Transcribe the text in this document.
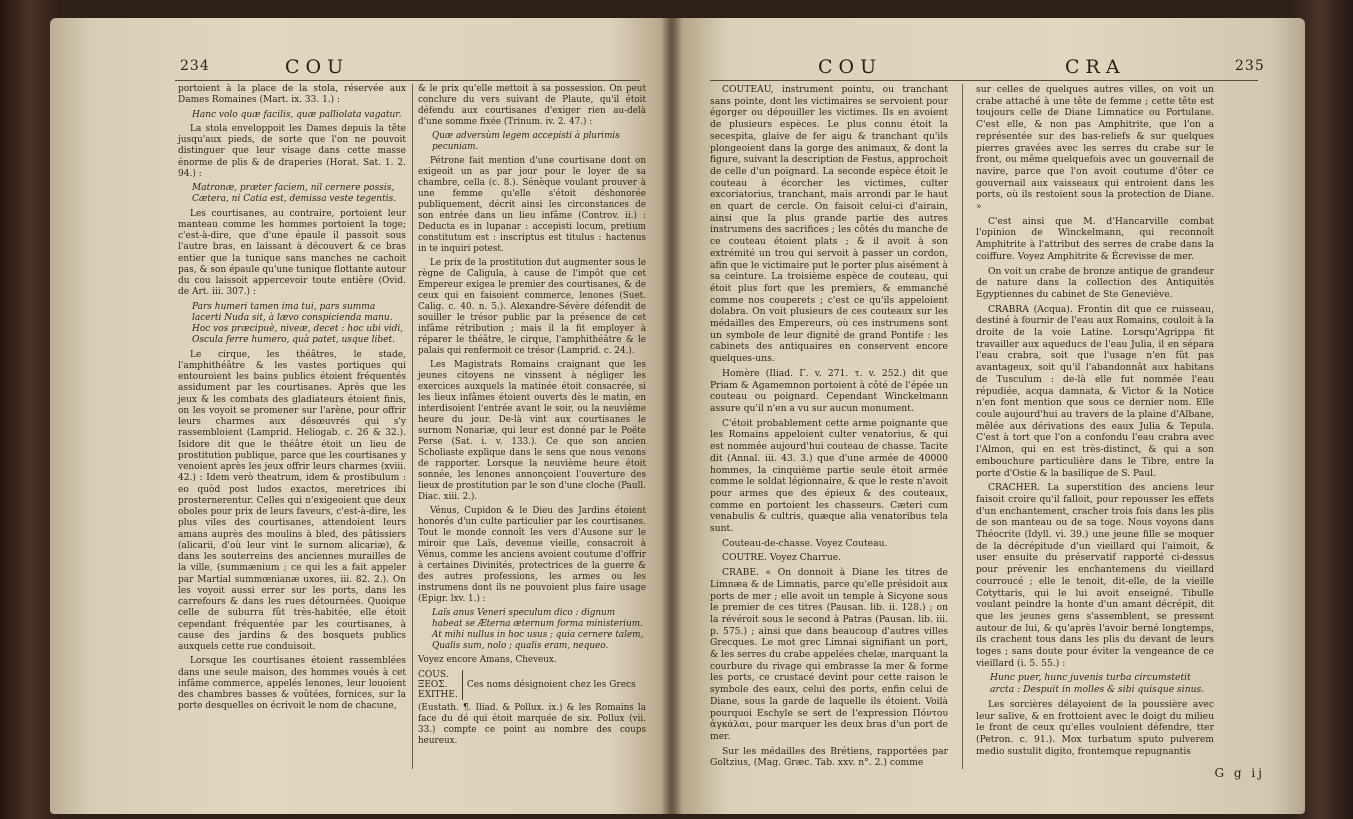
234	COU

portoient à la place de la stola, réservée aux Dames Romaines (Mart. ix. 33. 1.) :

Hanc volo quæ facilis, quæ palliolata vagatur.

La stola enveloppoit les Dames depuis la tête jusqu'aux pieds, de sorte que l'on ne pouvoit distinguer que leur visage dans cette masse énorme de plis & de draperies (Horat. Sat. 1. 2. 94.) :

Matronæ, præter faciem, nil cernere possis, Cætera, ni Catia est, demissa veste tegentis.

Les courtisanes, au contraire, portoient leur manteau comme les hommes portoient la toge; c'est-à-dire, que d'une épaule il passoit sous l'autre bras, en laissant à découvert & ce bras entier que la tunique sans manches ne cachoit pas, & son épaule qu'une tunique flottante autour du cou laissoit appercevoir toute entière (Ovid. de Art. iii. 307.) :

Pars humeri tamen ima tui, pars summa lacerti Nuda sit, à lævo conspicienda manu. Hoc vos præcipuè, niveæ, decet : hoc ubi vidi, Oscula ferre humero, quà patet, usque libet.

Le cirque, les théâtres, le stade, l'amphithéâtre & les vastes portiques qui entouroient les bains publics étoient fréquentés assidument par les courtisanes. Après que les jeux & les combats des gladiateurs étoient finis, on les voyoit se promener sur l'arène, pour offrir leurs charmes aux désœuvrés qui s'y rassembloient (Lamprid. Heliogab. c. 26 & 32.). Isidore dit que le théâtre étoit un lieu de prostitution publique, parce que les courtisanes y venoient après les jeux offrir leurs charmes (xviii. 42.) : Idem verò theatrum, idem & prostibulum : eo quòd post ludos exactos, meretrices ibi prosternerentur. Celles qui n'exigeoient que deux oboles pour prix de leurs faveurs, c'est-à-dire, les plus viles des courtisanes, attendoient leurs amans auprès des moulins à bled, des pâtissiers (alicarii, d'où leur vint le surnom alicariæ), & dans les souterreins des anciennes murailles de la ville, (summænium ; ce qui les a fait appeler par Martial summœnianæ uxores, iii. 82. 2.). On les voyoit aussi errer sur les ports, dans les carrefours & dans les rues détournées. Quoique celle de suburra fût très-habitée, elle étoit cependant fréquentée par les courtisanes, à cause des jardins & des bosquets publics auxquels cette rue conduisoit.

Lorsque les courtisanes étoient rassemblées dans une seule maison, des hommes voués à cet infâme commerce, appelés lenones, leur louoient des chambres basses & voûtées, fornices, sur la porte desquelles on écrivoit le nom de chacune,

& le prix qu'elle mettoit à sa possession. On peut conclure du vers suivant de Plaute, qu'il étoit défendu aux courtisanes d'exiger rien au-delà d'une somme fixée (Trinum. iv. 2. 47.) :

Quæ adversùm legem accepisti à plurimis pecuniam.

Pétrone fait mention d'une courtisane dont on exigeoit un as par jour pour le loyer de sa chambre, cella (c. 8.). Sénèque voulant prouver à une femme qu'elle s'étoit déshonorée publiquement, décrit ainsi les circonstances de son entrée dans un lieu infâme (Controv. ii.) : Deducta es in lupanar : accepisti locum, pretium constitutum est : inscriptus est titulus : hactenus in te inquiri potest.

Le prix de la prostitution dut augmenter sous le règne de Caligula, à cause de l'impôt que cet Empereur exigea le premier des courtisanes, & de ceux qui en faisoient commerce, lenones (Suet. Calig. c. 40. n. 5.). Alexandre-Sévère défendit de souiller le trésor public par la présence de cet infâme rétribution ; mais il la fit employer à réparer le théâtre, le cirque, l'amphithéâtre & le palais qui renfermoit ce trésor (Lamprid. c. 24.).

Les Magistrats Romains craignant que les jeunes citoyens ne vinssent à négliger les exercices auxquels la matinée étoit consacrée, si les lieux infâmes étoient ouverts dès le matin, en interdisoient l'entrée avant le soir, ou la neuvième heure du jour. De-là vint aux courtisanes le surnom Nonariæ, qui leur est donné par le Poëte Perse (Sat. i. v. 133.). Ce que son ancien Scholiaste explique dans le sens que nous venons de rapporter. Lorsque la neuvième heure étoit sonnée, les lenones annonçoient l'ouverture des lieux de prostitution par le son d'une cloche (Paull. Diac. xiii. 2.).

Vénus, Cupidon & le Dieu des Jardins étoient honorés d'un culte particulier par les courtisanes. Tout le monde connoît les vers d'Ausone sur le miroir que Laïs, devenue vieille, consacroit à Vénus, comme les anciens avoient coutume d'offrir à certaines Divinités, protectrices de la guerre & des autres professions, les armes ou les instrumens dont ils ne pouvoient plus faire usage (Epigr. lxv. 1.) :

Laïs anus Veneri speculum dico : dignum habeat se Æterna æternum forma ministerium. At mihi nullus in hoc usus ; quia cernere talem, Qualis sum, nolo ; qualis eram, nequeo.

Voyez encore Amans, Cheveux.

COUS.
ΞΕΟΣ.
ΕΧΙΤΗΕ.
Ces noms désignoient chez les Grecs

(Eustath. ¶. Iliad. & Pollux. ix.) & les Romains la face du dé qui étoit marquée de six. Pollux (vii. 33.) compte ce point au nombre des coups heureux.

COU	CRA	235

COUTEAU, instrument pointu, ou tranchant sans pointe, dont les victimaires se servoient pour égorger ou dépouiller les victimes. Ils en avoient de plusieurs espèces. Le plus connu étoit la secespita, glaive de fer aigu & tranchant qu'ils plongeoient dans la gorge des animaux, & dont la figure, suivant la description de Festus, approchoit de celle d'un poignard. La seconde espèce étoit le couteau à écorcher les victimes, culter excoriatorius, tranchant, mais arrondi par le haut en quart de cercle. On faisoit celui-ci d'airain, ainsi que la plus grande partie des autres instrumens des sacrifices ; les côtés du manche de ce couteau étoient plats ; & il avoit à son extrémité un trou qui servoit à passer un cordon, afin que le victimaire put le porter plus aisément à sa ceinture. La troisième espèce de couteau, qui étoit plus fort que les premiers, & emmanché comme nos couperets ; c'est ce qu'ils appeloient dolabra. On voit plusieurs de ces couteaux sur les médailles des Empereurs, où ces instrumens sont un symbole de leur dignité de grand Pontife : les cabinets des antiquaires en conservent encore quelques-uns.

Homère (Iliad. Γ. v. 271. τ. v. 252.) dit que Priam & Agamemnon portoient à côté de l'épée un couteau ou poignard. Cependant Winckelmann assure qu'il n'en a vu sur aucun monument.

C'étoit probablement cette arme poignante que les Romains appeloient culter venatorius, & qui est nommée aujourd'hui couteau de chasse. Tacite dit (Annal. iii. 43. 3.) que d'une armée de 40000 hommes, la cinquième partie seule étoit armée comme le soldat légionnaire, & que le reste n'avoit pour armes que des épieux & des couteaux, comme en portoient les chasseurs. Cæteri cum venabulis & cultris, quæque alia venatoribus tela sunt.

Couteau-de-chasse. Voyez Couteau.

COUTRE. Voyez Charrue.

CRABE. « On donnoit à Diane les titres de Limnæa & de Limnatis, parce qu'elle présidoit aux ports de mer ; elle avoit un temple à Sicyone sous le premier de ces titres (Pausan. lib. ii. 128.) ; on la révéroit sous le second à Patras (Pausan. lib. iii. p. 575.) ; ainsi que dans beaucoup d'autres villes Grecques. Le mot grec Limnai signifiant un port, & les serres du crabe appelées chelæ, marquant la courbure du rivage qui embrasse la mer & forme les ports, ce crustacé devint pour cette raison le symbole des eaux, celui des ports, enfin celui de Diane, sous la garde de laquelle ils étoient. Voilà pourquoi Eschyle se sert de l'expression Πόντου ἀγκάλαι, pour marquer les deux bras d'un port de mer.

Sur les médailles des Brétiens, rapportées par Goltzius, (Mag. Græc. Tab. xxv. n°. 2.) comme

sur celles de quelques autres villes, on voit un crabe attaché à une tête de femme ; cette tête est toujours celle de Diane Limnatice ou Portulane. C'est elle, & non pas Amphitrite, que l'on a représentée sur des bas-reliefs & sur quelques pierres gravées avec les serres du crabe sur le front, ou même quelquefois avec un gouvernail de navire, parce que l'on avoit coutume d'ôter ce gouvernail aux vaisseaux qui entroient dans les ports, où ils restoient sous la protection de Diane. »

C'est ainsi que M. d'Hancarville combat l'opinion de Winckelmann, qui reconnoît Amphitrite à l'attribut des serres de crabe dans la coiffure. Voyez Amphitrite & Écrevisse de mer.

On voit un crabe de bronze antique de grandeur de nature dans la collection des Antiquités Egyptiennes du cabinet de Ste Geneviève.

CRABRA (Acqua). Frontin dit que ce ruisseau, destiné à fournir de l'eau aux Romains, couloit à la droite de la voie Latine. Lorsqu'Agrippa fit travailler aux aqueducs de l'eau Julia, il en sépara l'eau crabra, soit que l'usage n'en fût pas avantageux, soit qu'il l'abandonnât aux habitans de Tusculum : de-là elle fut nommée l'eau répudiée, acqua damnata, & Victor & la Notice n'en font mention que sous ce dernier nom. Elle coule aujourd'hui au travers de la plaine d'Albane, mêlée aux dérivations des eaux Julia & Tepula. C'est à tort que l'on a confondu l'eau crabra avec l'Almon, qui en est très-distinct, & qui a son embouchure particulière dans le Tibre, entre la porte d'Ostie & la basilique de S. Paul.

CRACHER. La superstition des anciens leur faisoit croire qu'il falloit, pour repousser les effets d'un enchantement, cracher trois fois dans les plis de son manteau ou de sa toge. Nous voyons dans Théocrite (Idyll. vi. 39.) une jeune fille se moquer de la décrépitude d'un vieillard qui l'aimoit, & user ensuite du préservatif rapporté ci-dessus pour prévenir les enchantemens du vieillard courroucé ; elle le tenoit, dit-elle, de la vieille Cotyttaris, qui le lui avoit enseigné. Tibulle voulant peindre la honte d'un amant décrépit, dit que les jeunes gens s'assemblent, se pressent autour de lui, & qu'après l'avoir berné longtemps, ils crachent tous dans les plis du devant de leurs toges ; sans doute pour éviter la vengeance de ce vieillard (i. 5. 55.) :

Hunc puer, hunc juvenis turba circumstetit arcta : Despuit in molles & sibi quisque sinus.

Les sorcières délayoient de la poussière avec leur salive, & en frottoient avec le doigt du milieu le front de ceux qu'elles vouloient défendre, tter (Petron. c. 91.). Mox turbatum sputo pulverem medio sustulit digito, frontemque repugnantis

G g ij
